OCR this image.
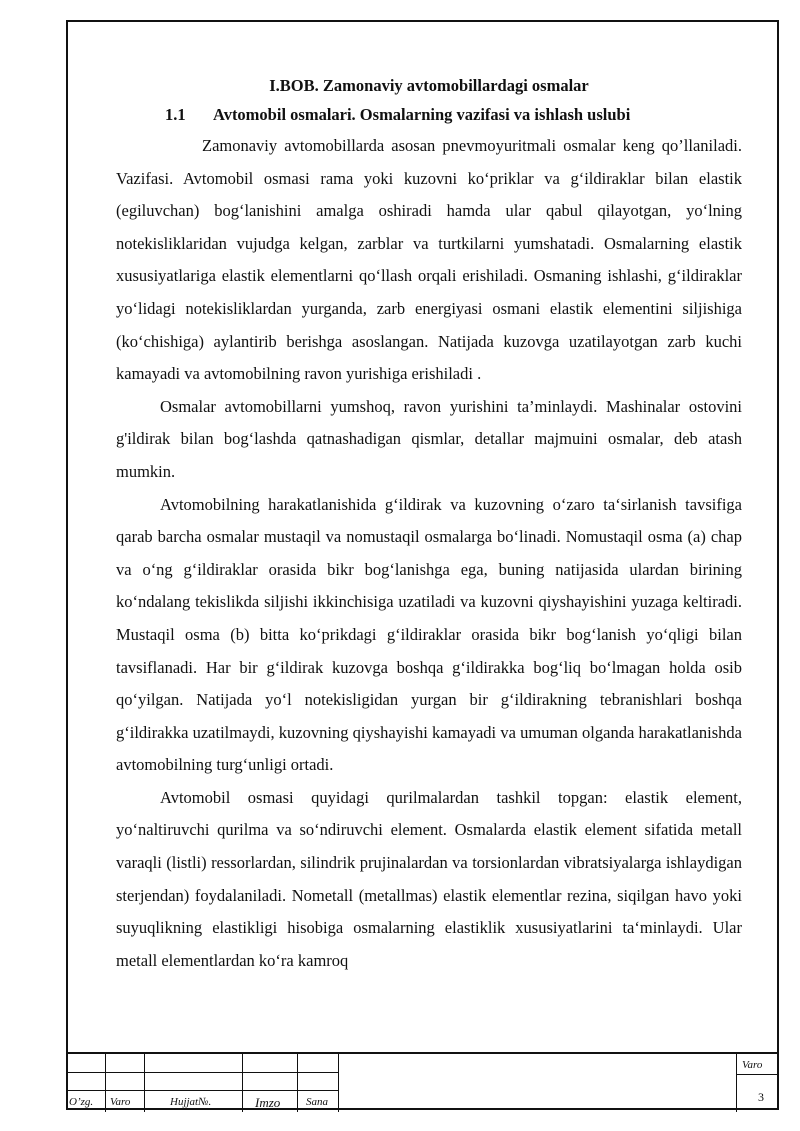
I.BOB. Zamonaviy avtomobillardagi osmalar
1.1 Avtomobil osmalari. Osmalarning vazifasi va ishlash uslubi

Zamonaviy avtomobillarda asosan pnevmoyuritmali osmalar keng qo’llaniladi. Vazifasi. Avtomobil osmasi rama yoki kuzovni ko‘priklar va g‘ildiraklar bilan elastik (egiluvchan) bog‘lanishini amalga oshiradi hamda ular qabul qilayotgan, yo‘lning notekisliklaridan vujudga kelgan, zarblar va turtkilarni yumshatadi. Osmalarning elastik xususiyatlariga elastik elementlarni qo‘llash orqali erishiladi. Osmaning ishlashi, g‘ildiraklar yo‘lidagi notekisliklardan yurganda, zarb energiyasi osmani elastik elementini siljishiga (ko‘chishiga) aylantirib berishga asoslangan. Natijada kuzovga uzatilayotgan zarb kuchi kamayadi va avtomobilning ravon yurishiga erishiladi .

Osmalar avtomobillarni yumshoq, ravon yurishini ta’minlaydi. Mashinalar ostovini g'ildirak bilan bog‘lashda qatnashadigan qismlar, detallar majmuini osmalar, deb atash mumkin.

Avtomobilning harakatlanishida g‘ildirak va kuzovning o‘zaro ta‘sirlanish tavsifiga qarab barcha osmalar mustaqil va nomustaqil osmalarga bo‘linadi. Nomustaqil osma (a) chap va o‘ng g‘ildiraklar orasida bikr bog‘lanishga ega, buning natijasida ulardan birining ko‘ndalang tekislikda siljishi ikkinchisiga uzatiladi va kuzovni qiyshayishini yuzaga keltiradi. Mustaqil osma (b) bitta ko‘prikdagi g‘ildiraklar orasida bikr bog‘lanish yo‘qligi bilan tavsiflanadi. Har bir g‘ildirak kuzovga boshqa g‘ildirakka bog‘liq bo‘lmagan holda osib qo‘yilgan. Natijada yo‘l notekisligidan yurgan bir g‘ildirakning tebranishlari boshqa g‘ildirakka uzatilmaydi, kuzovning qiyshayishi kamayadi va umuman olganda harakatlanishda avtomobilning turg‘unligi ortadi.

Avtomobil osmasi quyidagi qurilmalardan tashkil topgan: elastik element, yo‘naltiruvchi qurilma va so‘ndiruvchi element. Osmalarda elastik element sifatida metall varaqli (listli) ressorlardan, silindrik prujinalardan va torsionlardan vibratsiyalarga ishlaydigan sterjendan) foydalaniladi. Nometall (metallmas) elastik elementlar rezina, siqilgan havo yoki suyuqlikning elastikligi hisobiga osmalarning elastiklik xususiyatlarini ta‘minlaydi. Ular metall elementlardan ko‘ra kamroq

O’zg. Varo	Hujjat№.	Imzo Sana
Varo
3
